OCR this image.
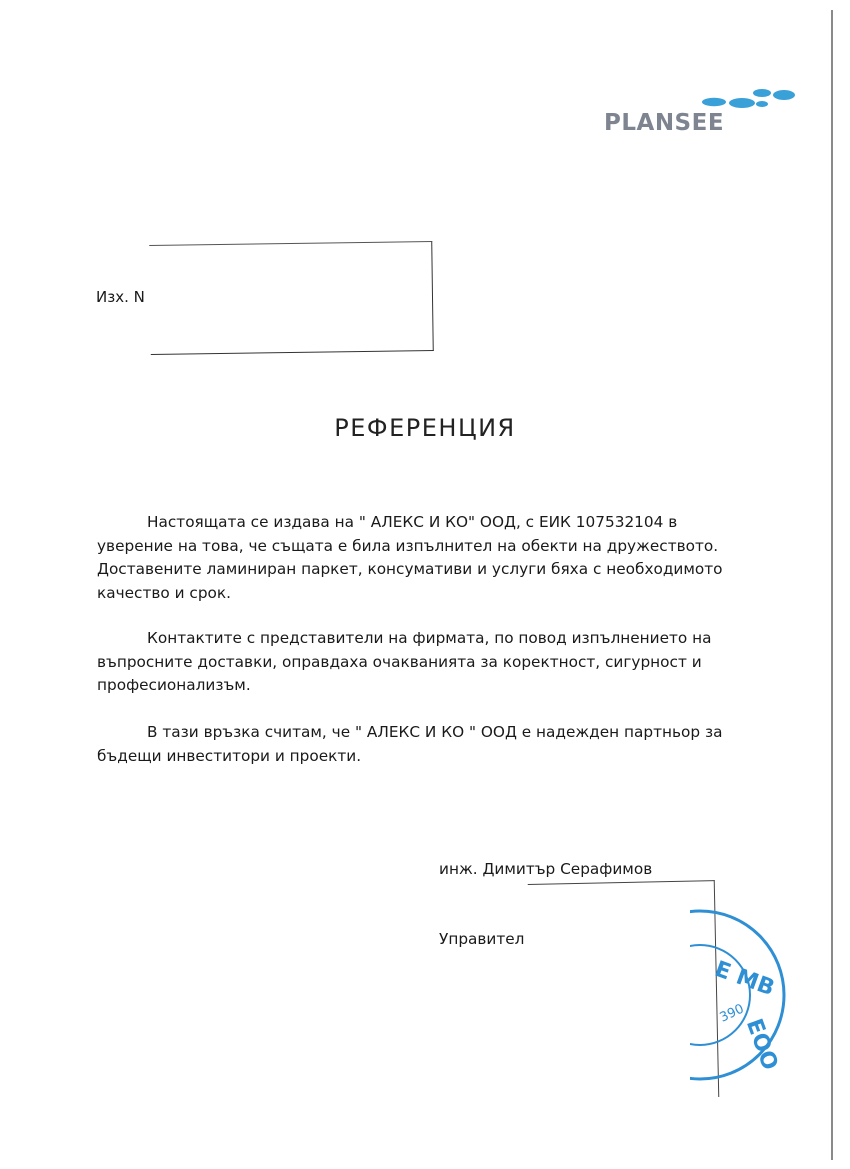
PLANSEE
Изх. N
РЕФЕРЕНЦИЯ
Настоящата се издава на " АЛЕКС И КО" ООД, с ЕИК 107532104 в уверение на това, че същата е била изпълнител на обекти на дружеството. Доставените ламиниран паркет, консумативи и услуги бяха с необходимото качество и срок.
Контактите с представители на фирмата, по повод изпълнението на въпросните доставки, оправдаха очакванията за коректност, сигурност и професионализъм.
В тази връзка считам, че " АЛЕКС И КО " ООД е надежден партньор за бъдещи инвеститори и проекти.
инж. Димитър Серафимов
Управител
Е МВ
ЕОО
390
